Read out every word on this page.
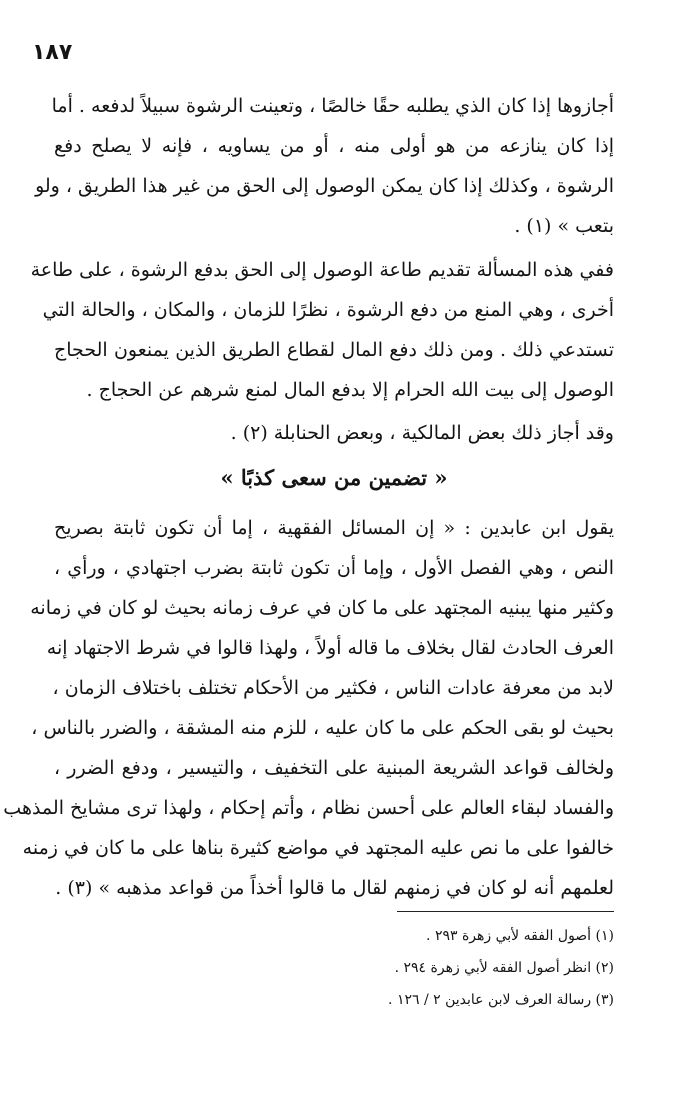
١٨٧
أجازوها إذا كان الذي يطلبه حقًا خالصًا ، وتعينت الرشوة سبيلاً لدفعه . أما
إذا كان ينازعه من هو أولى منه ، أو من يساويه ، فإنه لا يصلح دفع
الرشوة ، وكذلك إذا كان يمكن الوصول إلى الحق من غير هذا الطريق ، ولو
بتعب » (١) .
ففي هذه المسألة تقديم طاعة الوصول إلى الحق بدفع الرشوة ، على طاعة
أخرى ، وهي المنع من دفع الرشوة ، نظرًا للزمان ، والمكان ، والحالة التي
تستدعي ذلك . ومن ذلك دفع المال لقطاع الطريق الذين يمنعون الحجاج
الوصول إلى بيت الله الحرام إلا بدفع المال لمنع شرهم عن الحجاج .
وقد أجاز ذلك بعض المالكية ، وبعض الحنابلة (٢) .
« تضمين من سعى كذبًا »
يقول ابن عابدين : « إن المسائل الفقهية ، إما أن تكون ثابتة بصريح
النص ، وهي الفصل الأول ، وإما أن تكون ثابتة بضرب اجتهادي ، ورأي ،
وكثير منها يبنيه المجتهد على ما كان في عرف زمانه بحيث لو كان في زمانه
العرف الحادث لقال بخلاف ما قاله أولاً ، ولهذا قالوا في شرط الاجتهاد إنه
لابد من معرفة عادات الناس ، فكثير من الأحكام تختلف باختلاف الزمان ،
بحيث لو بقى الحكم على ما كان عليه ، للزم منه المشقة ، والضرر بالناس ،
ولخالف قواعد الشريعة المبنية على التخفيف ، والتيسير ، ودفع الضرر ،
والفساد لبقاء العالم على أحسن نظام ، وأتم إحكام ، ولهذا ترى مشايخ المذهب
خالفوا على ما نص عليه المجتهد في مواضع كثيرة بناها على ما كان في زمنه
لعلمهم أنه لو كان في زمنهم لقال ما قالوا أخذاً من قواعد مذهبه » (٣) .
(١) أصول الفقه لأبي زهرة ٢٩٣ .
(٢) انظر أصول الفقه لأبي زهرة ٢٩٤ .
(٣) رسالة العرف لابن عابدين ٢ / ١٢٦ .
